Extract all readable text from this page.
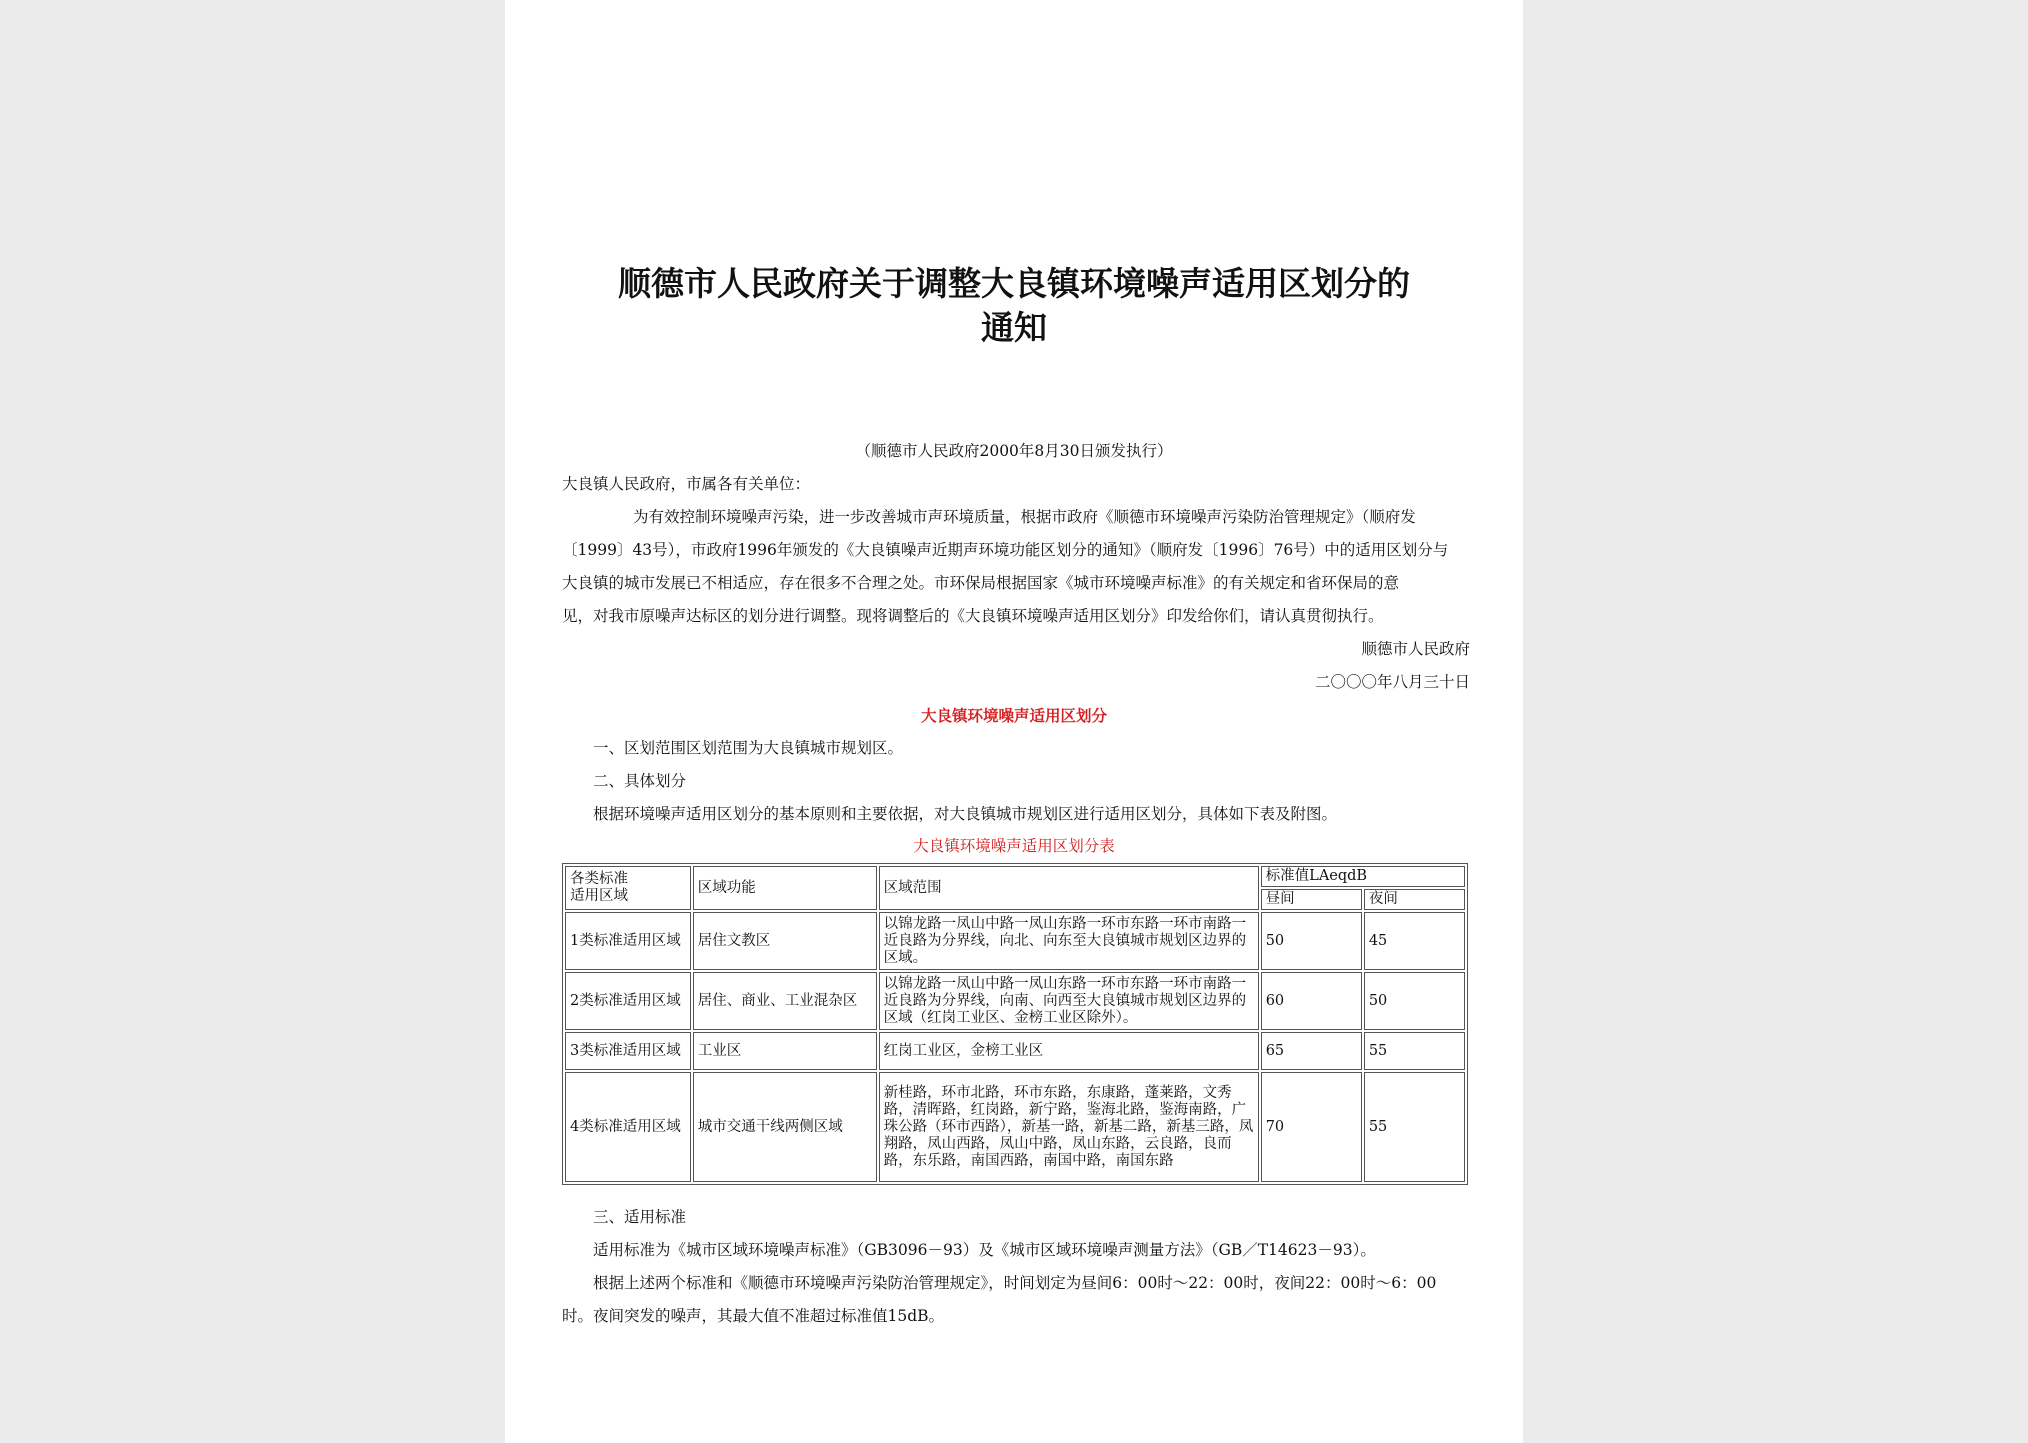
顺德市人民政府关于调整大良镇环境噪声适用区划分的
通知
（顺德市人民政府2000年8月30日颁发执行）
大良镇人民政府，市属各有关单位：
为有效控制环境噪声污染，进一步改善城市声环境质量，根据市政府《顺德市环境噪声污染防治管理规定》（顺府发
〔1999〕43号），市政府1996年颁发的《大良镇噪声近期声环境功能区划分的通知》（顺府发〔1996〕76号）中的适用区划分与
大良镇的城市发展已不相适应，存在很多不合理之处。市环保局根据国家《城市环境噪声标准》的有关规定和省环保局的意
见，对我市原噪声达标区的划分进行调整。现将调整后的《大良镇环境噪声适用区划分》印发给你们，请认真贯彻执行。
顺德市人民政府
二〇〇〇年八月三十日
大良镇环境噪声适用区划分
一、区划范围区划范围为大良镇城市规划区。
二、具体划分
根据环境噪声适用区划分的基本原则和主要依据，对大良镇城市规划区进行适用区划分，具体如下表及附图。
大良镇环境噪声适用区划分表
各类标准
适用区域	区域功能	区域范围	标准值LAeqdB	
			昼间	夜间
1类标准适用区域	居住文教区	以锦龙路一凤山中路一凤山东路一环市东路一环市南路一近良路为分界线，向北、向东至大良镇城市规划区边界的区域。	50	45
2类标准适用区域	居住、商业、工业混杂区	以锦龙路一凤山中路一凤山东路一环市东路一环市南路一近良路为分界线，向南、向西至大良镇城市规划区边界的区域（红岗工业区、金榜工业区除外）。	60	50
3类标准适用区域	工业区	红岗工业区，金榜工业区	65	55
4类标准适用区域	城市交通干线两侧区域	新桂路，环市北路，环市东路，东康路，蓬莱路，文秀路，清晖路，红岗路，新宁路，鉴海北路，鉴海南路，广珠公路（环市西路），新基一路，新基二路，新基三路，凤翔路，凤山西路，凤山中路，凤山东路，云良路，良而路，东乐路，南国西路，南国中路，南国东路	70	55
三、适用标准
适用标准为《城市区域环境噪声标准》（GB3096－93）及《城市区域环境噪声测量方法》（GB／T14623－93）。
根据上述两个标准和《顺德市环境噪声污染防治管理规定》，时间划定为昼间6：00时～22：00时，夜间22：00时～6：00
时。夜间突发的噪声，其最大值不准超过标准值15dB。
